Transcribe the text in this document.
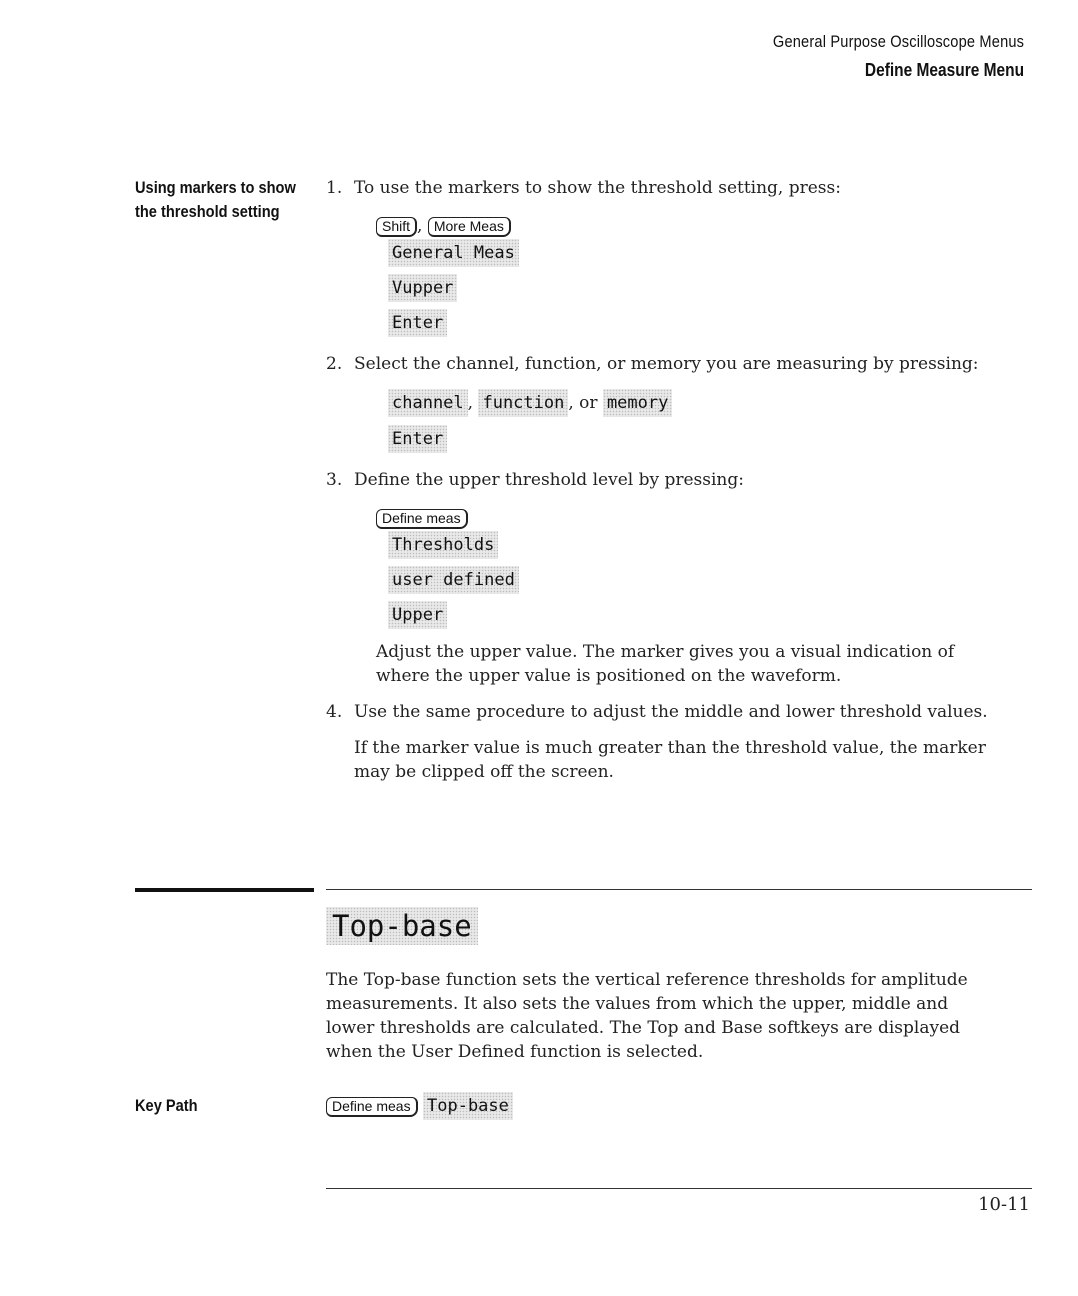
General Purpose Oscilloscope Menus
Define Measure Menu
Using markers to show
the threshold setting
1. To use the markers to show the threshold setting, press:
Shift , More Meas
General Meas
Vupper
Enter
2. Select the channel, function, or memory you are measuring by pressing:
channel , function , or memory
Enter
3. Define the upper threshold level by pressing:
Define meas
Thresholds
user defined
Upper
Adjust the upper value. The marker gives you a visual indication of
where the upper value is positioned on the waveform.
4. Use the same procedure to adjust the middle and lower threshold values.
If the marker value is much greater than the threshold value, the marker
may be clipped off the screen.
Top-base
The Top-base function sets the vertical reference thresholds for amplitude
measurements. It also sets the values from which the upper, middle and
lower thresholds are calculated. The Top and Base softkeys are displayed
when the User Defined function is selected.
Key Path	Define meas Top-base
10-11
